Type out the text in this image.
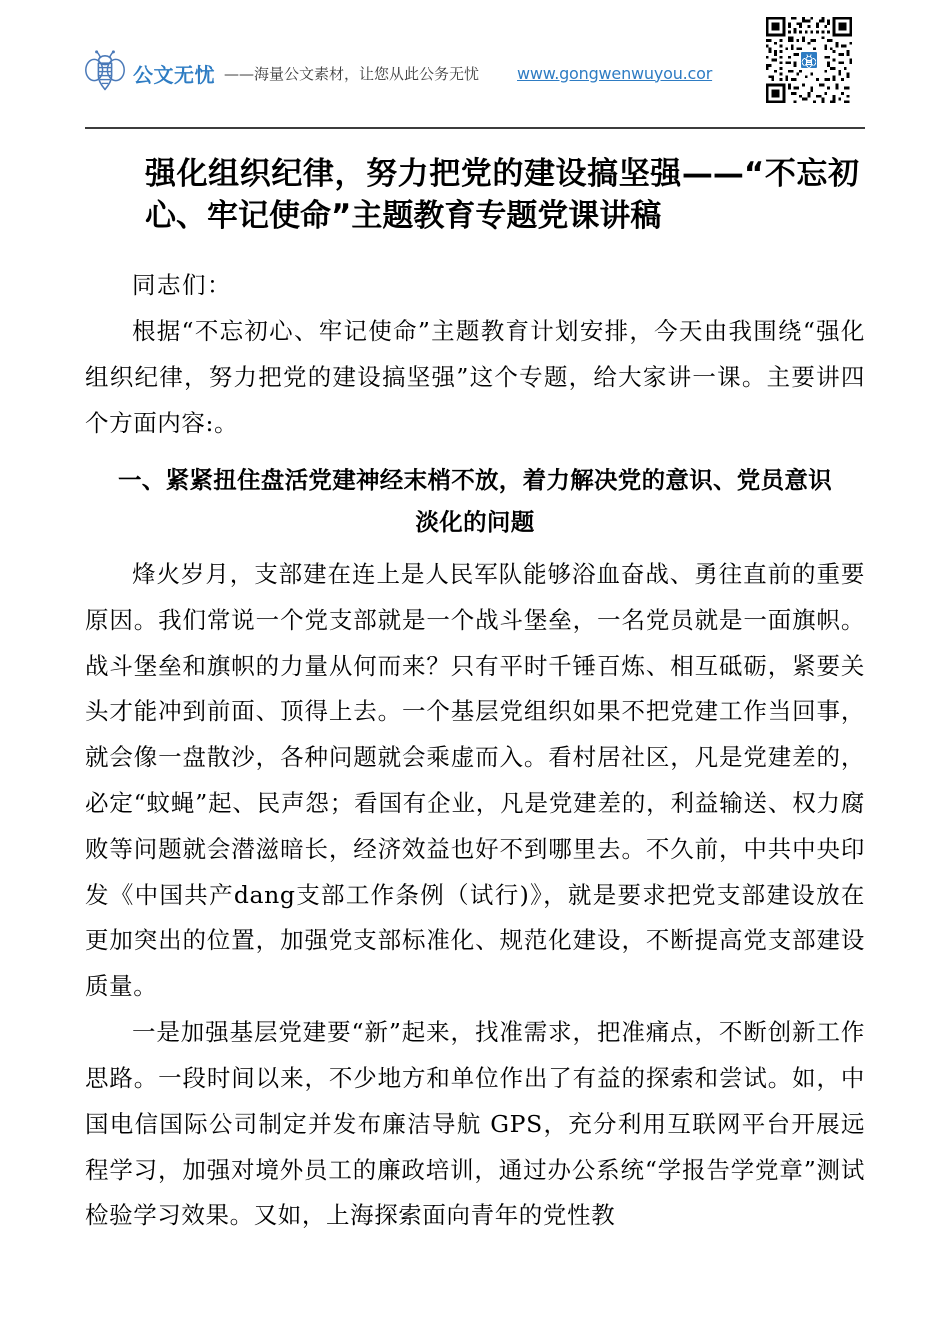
公文无忧 ——海量公文素材，让您从此公务无忧 www.gongwenwuyou.cor
强化组织纪律，努力把党的建设搞坚强——“不忘初心、牢记使命”主题教育专题党课讲稿
同志们：

根据“不忘初心、牢记使命”主题教育计划安排，今天由我围绕“强化组织纪律，努力把党的建设搞坚强”这个专题，给大家讲一课。主要讲四个方面内容:。

一、紧紧扭住盘活党建神经末梢不放，着力解决党的意识、党员意识
淡化的问题

烽火岁月，支部建在连上是人民军队能够浴血奋战、勇往直前的重要原因。我们常说一个党支部就是一个战斗堡垒，一名党员就是一面旗帜。战斗堡垒和旗帜的力量从何而来？只有平时千锤百炼、相互砥砺，紧要关头才能冲到前面、顶得上去。一个基层党组织如果不把党建工作当回事，就会像一盘散沙，各种问题就会乘虚而入。看村居社区，凡是党建差的，必定“蚊蝇”起、民声怨；看国有企业，凡是党建差的，利益输送、权力腐败等问题就会潜滋暗长，经济效益也好不到哪里去。不久前，中共中央印发《中国共产dang支部工作条例（试行)》，就是要求把党支部建设放在更加突出的位置，加强党支部标准化、规范化建设，不断提高党支部建设质量。

一是加强基层党建要“新”起来，找准需求，把准痛点，不断创新工作思路。一段时间以来，不少地方和单位作出了有益的探索和尝试。如，中国电信国际公司制定并发布廉洁导航 GPS，充分利用互联网平台开展远程学习，加强对境外员工的廉政培训，通过办公系统“学报告学党章”测试检验学习效果。又如，上海探索面向青年的党性教
